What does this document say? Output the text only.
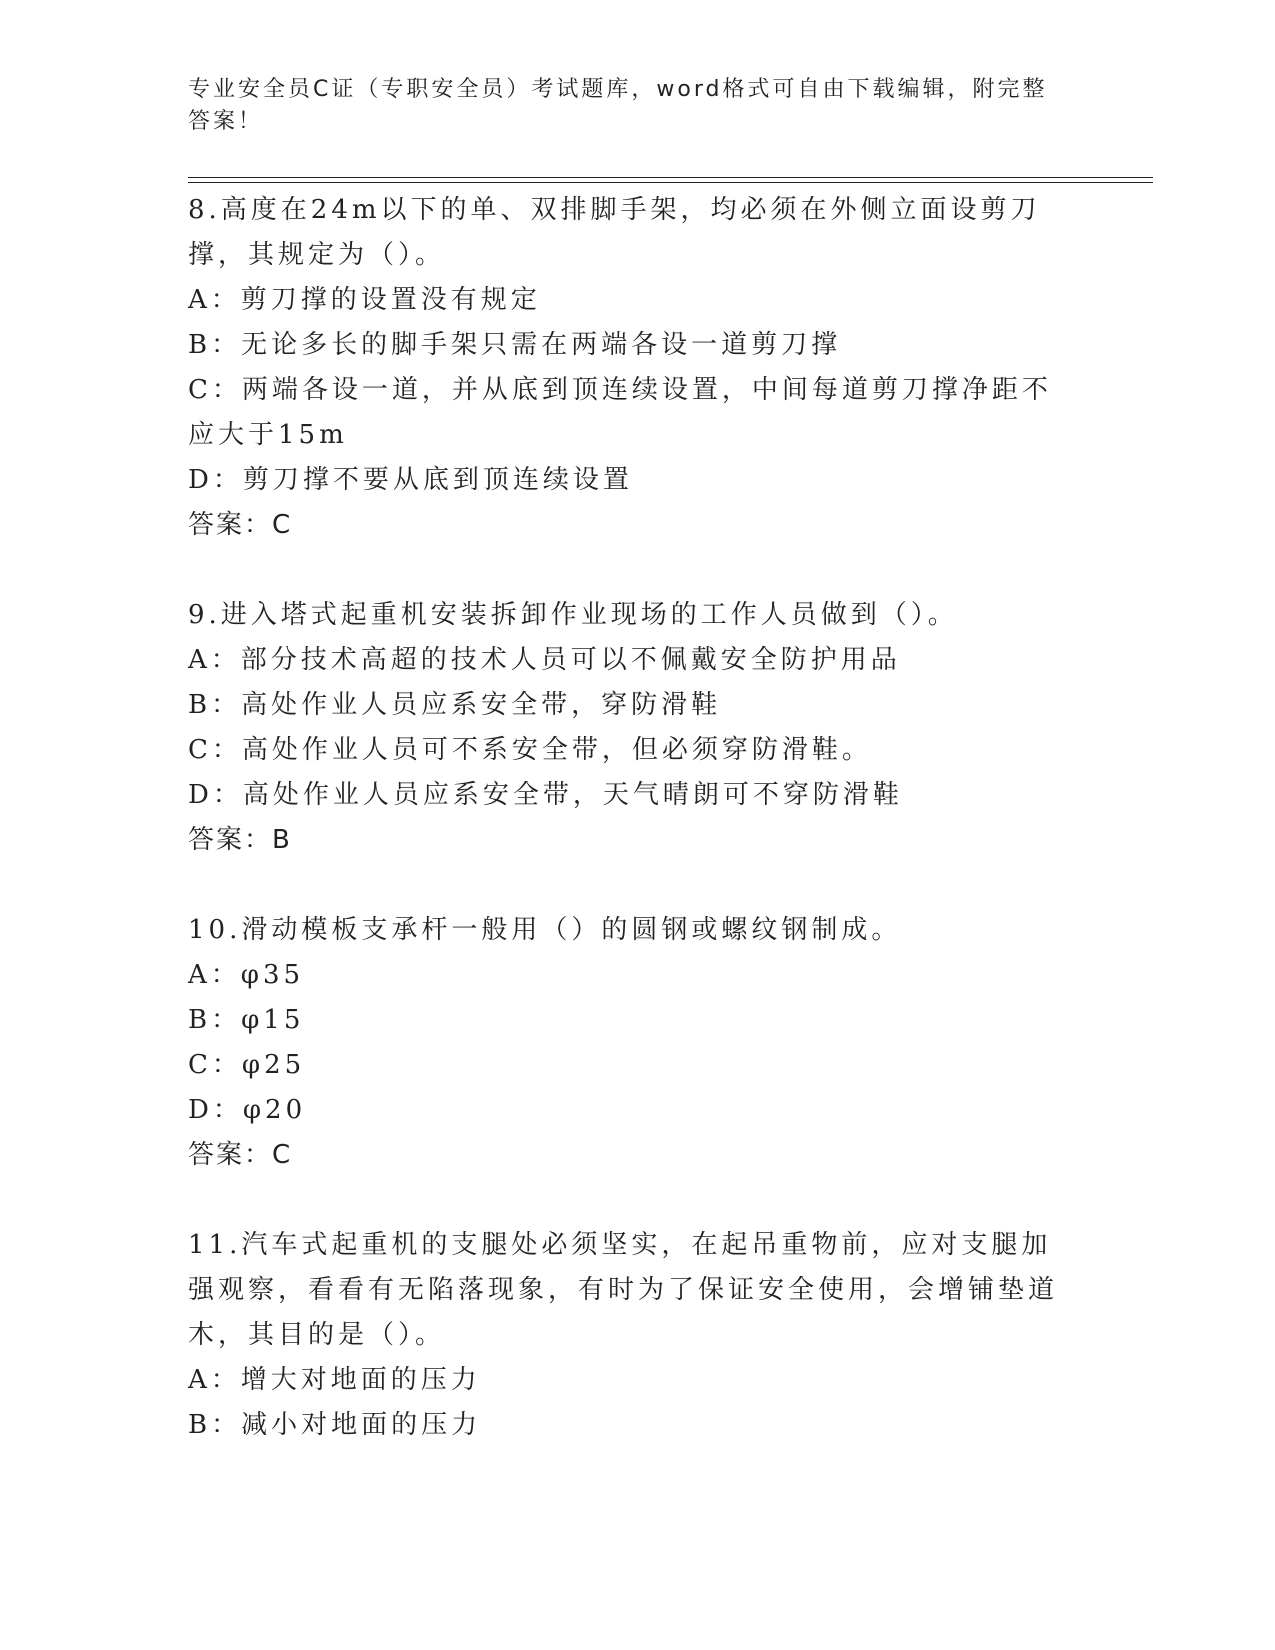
专业安全员C证（专职安全员）考试题库，word格式可自由下载编辑，附完整答案！
8.高度在24m以下的单、双排脚手架，均必须在外侧立面设剪刀撑，其规定为（）。
A：剪刀撑的设置没有规定
B：无论多长的脚手架只需在两端各设一道剪刀撑
C：两端各设一道，并从底到顶连续设置，中间每道剪刀撑净距不应大于15m
D：剪刀撑不要从底到顶连续设置
答案：C
9.进入塔式起重机安装拆卸作业现场的工作人员做到（）。
A：部分技术高超的技术人员可以不佩戴安全防护用品
B：高处作业人员应系安全带，穿防滑鞋
C：高处作业人员可不系安全带，但必须穿防滑鞋。
D：高处作业人员应系安全带，天气晴朗可不穿防滑鞋
答案：B
10.滑动模板支承杆一般用（）的圆钢或螺纹钢制成。
A：φ35
B：φ15
C：φ25
D：φ20
答案：C
11.汽车式起重机的支腿处必须坚实，在起吊重物前，应对支腿加强观察，看看有无陷落现象，有时为了保证安全使用，会增铺垫道木，其目的是（）。
A：增大对地面的压力
B：减小对地面的压力
